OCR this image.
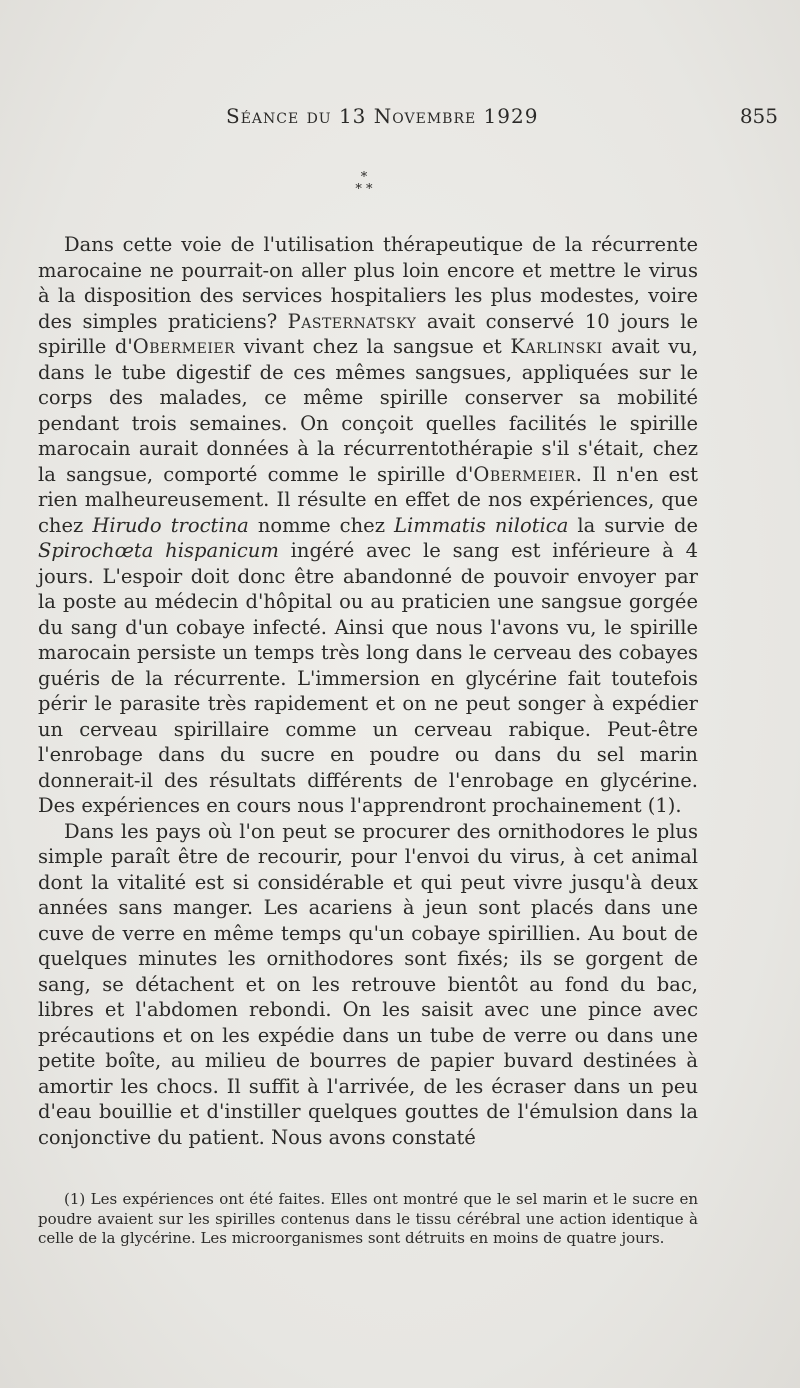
Séance du 13 Novembre 1929	855
*
* *

Dans cette voie de l'utilisation thérapeutique de la récurrente marocaine ne pourrait-on aller plus loin encore et mettre le virus à la disposition des services hospitaliers les plus modestes, voire des simples praticiens? Pasternatsky avait conservé 10 jours le spirille d'Obermeier vivant chez la sangsue et Karlinski avait vu, dans le tube digestif de ces mêmes sangsues, appliquées sur le corps des malades, ce même spirille conserver sa mobilité pendant trois semaines. On conçoit quelles facilités le spirille marocain aurait données à la récurrentothérapie s'il s'était, chez la sangsue, comporté comme le spirille d'Obermeier. Il n'en est rien malheureusement. Il résulte en effet de nos expériences, que chez Hirudo troctina nomme chez Limmatis nilotica la survie de Spirochœta hispanicum ingéré avec le sang est inférieure à 4 jours. L'espoir doit donc être abandonné de pouvoir envoyer par la poste au médecin d'hôpital ou au praticien une sangsue gorgée du sang d'un cobaye infecté. Ainsi que nous l'avons vu, le spirille marocain persiste un temps très long dans le cerveau des cobayes guéris de la récurrente. L'immersion en glycérine fait toutefois périr le parasite très rapidement et on ne peut songer à expédier un cerveau spirillaire comme un cerveau rabique. Peut-être l'enrobage dans du sucre en poudre ou dans du sel marin donnerait-il des résultats différents de l'enrobage en glycérine. Des expériences en cours nous l'apprendront prochainement (1).

Dans les pays où l'on peut se procurer des ornithodores le plus simple paraît être de recourir, pour l'envoi du virus, à cet animal dont la vitalité est si considérable et qui peut vivre jusqu'à deux années sans manger. Les acariens à jeun sont placés dans une cuve de verre en même temps qu'un cobaye spirillien. Au bout de quelques minutes les ornithodores sont fixés; ils se gorgent de sang, se détachent et on les retrouve bientôt au fond du bac, libres et l'abdomen rebondi. On les saisit avec une pince avec précautions et on les expédie dans un tube de verre ou dans une petite boîte, au milieu de bourres de papier buvard destinées à amortir les chocs. Il suffit à l'arrivée, de les écraser dans un peu d'eau bouillie et d'instiller quelques gouttes de l'émulsion dans la conjonctive du patient. Nous avons constaté

(1) Les expériences ont été faites. Elles ont montré que le sel marin et le sucre en poudre avaient sur les spirilles contenus dans le tissu cérébral une action identique à celle de la glycérine. Les microorganismes sont détruits en moins de quatre jours.
